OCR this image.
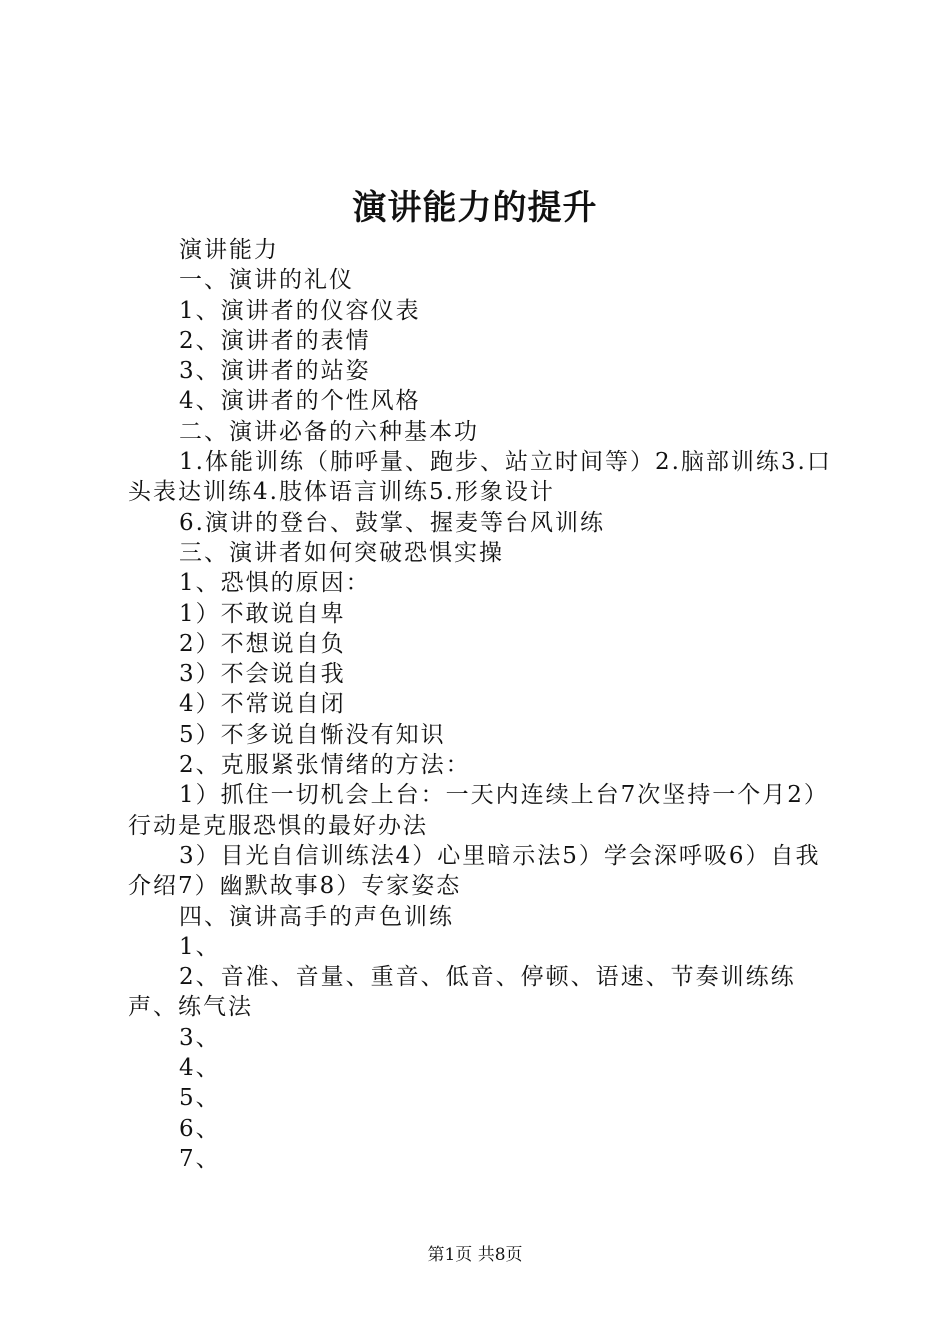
演讲能力的提升

演讲能力

一、演讲的礼仪

1、演讲者的仪容仪表

2、演讲者的表情

3、演讲者的站姿

4、演讲者的个性风格

二、演讲必备的六种基本功

1.体能训练（肺呼量、跑步、站立时间等）2.脑部训练3.口头表达训练4.肢体语言训练5.形象设计

6.演讲的登台、鼓掌、握麦等台风训练

三、演讲者如何突破恐惧实操

1、恐惧的原因：

1）不敢说自卑

2）不想说自负

3）不会说自我

4）不常说自闭

5）不多说自惭没有知识

2、克服紧张情绪的方法：

1）抓住一切机会上台：一天内连续上台7次坚持一个月2）行动是克服恐惧的最好办法

3）目光自信训练法4）心里暗示法5）学会深呼吸6）自我介绍7）幽默故事8）专家姿态

四、演讲高手的声色训练

1、

2、音准、音量、重音、低音、停顿、语速、节奏训练练声、练气法

3、

4、

5、

6、

7、

第1页 共8页
